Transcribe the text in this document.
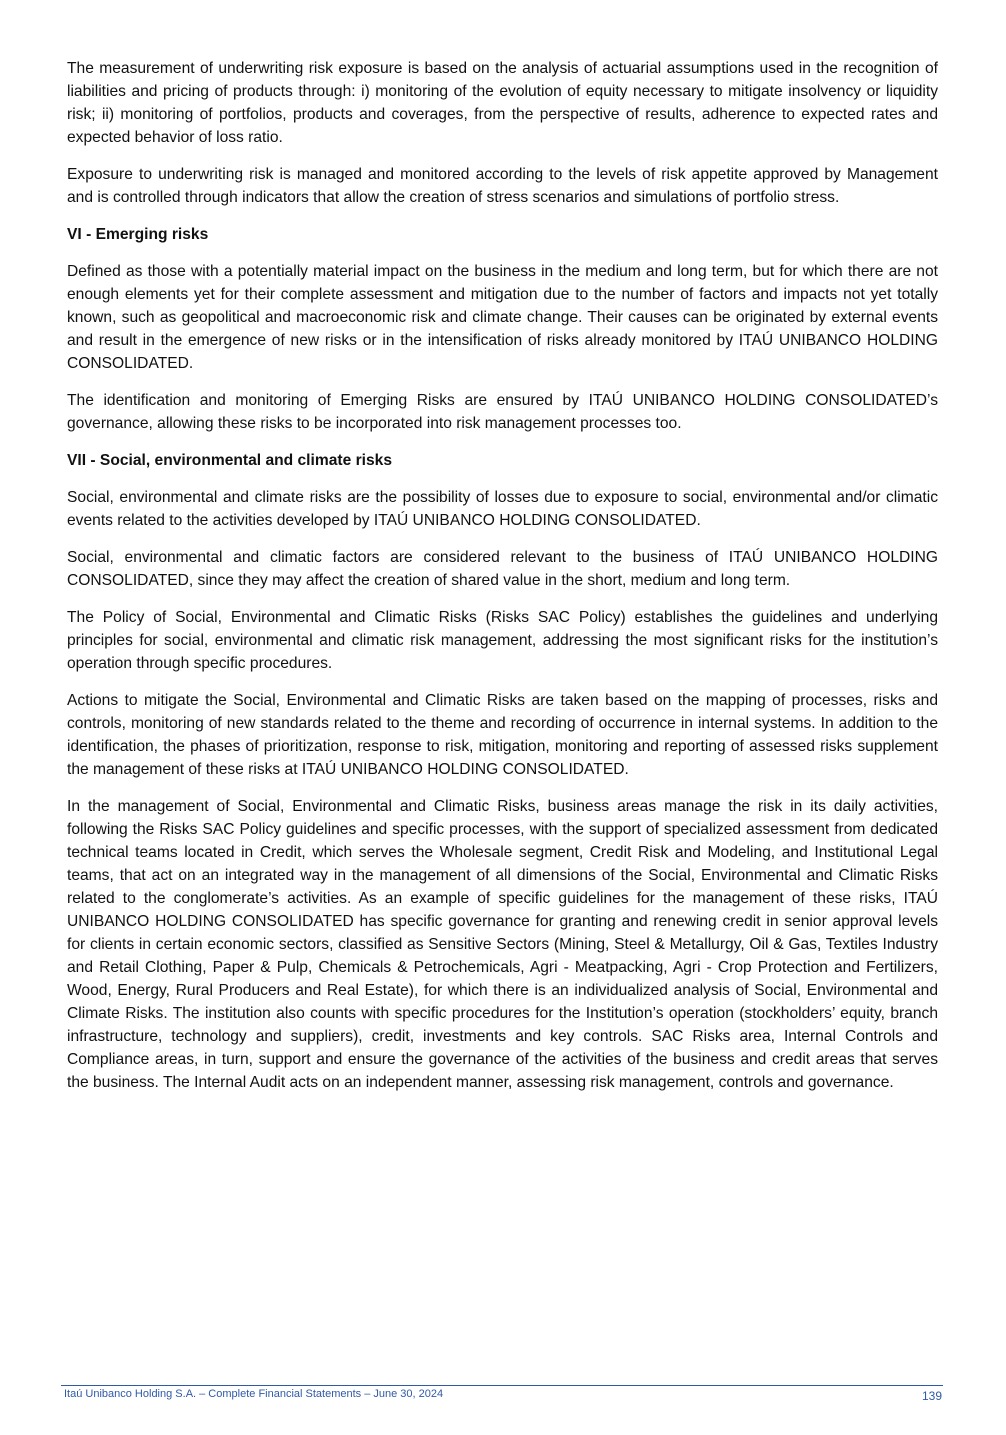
The measurement of underwriting risk exposure is based on the analysis of actuarial assumptions used in the recognition of liabilities and pricing of products through: i) monitoring of the evolution of equity necessary to mitigate insolvency or liquidity risk; ii) monitoring of portfolios, products and coverages, from the perspective of results, adherence to expected rates and expected behavior of loss ratio.

Exposure to underwriting risk is managed and monitored according to the levels of risk appetite approved by Management and is controlled through indicators that allow the creation of stress scenarios and simulations of portfolio stress.

VI - Emerging risks

Defined as those with a potentially material impact on the business in the medium and long term, but for which there are not enough elements yet for their complete assessment and mitigation due to the number of factors and impacts not yet totally known, such as geopolitical and macroeconomic risk and climate change. Their causes can be originated by external events and result in the emergence of new risks or in the intensification of risks already monitored by ITAÚ UNIBANCO HOLDING CONSOLIDATED.

The identification and monitoring of Emerging Risks are ensured by ITAÚ UNIBANCO HOLDING CONSOLIDATED’s governance, allowing these risks to be incorporated into risk management processes too.

VII - Social, environmental and climate risks

Social, environmental and climate risks are the possibility of losses due to exposure to social, environmental and/or climatic events related to the activities developed by ITAÚ UNIBANCO HOLDING CONSOLIDATED.

Social, environmental and climatic factors are considered relevant to the business of ITAÚ UNIBANCO HOLDING CONSOLIDATED, since they may affect the creation of shared value in the short, medium and long term.

The Policy of Social, Environmental and Climatic Risks (Risks SAC Policy) establishes the guidelines and underlying principles for social, environmental and climatic risk management, addressing the most significant risks for the institution’s operation through specific procedures.

Actions to mitigate the Social, Environmental and Climatic Risks are taken based on the mapping of processes, risks and controls, monitoring of new standards related to the theme and recording of occurrence in internal systems. In addition to the identification, the phases of prioritization, response to risk, mitigation, monitoring and reporting of assessed risks supplement the management of these risks at ITAÚ UNIBANCO HOLDING CONSOLIDATED.

In the management of Social, Environmental and Climatic Risks, business areas manage the risk in its daily activities, following the Risks SAC Policy guidelines and specific processes, with the support of specialized assessment from dedicated technical teams located in Credit, which serves the Wholesale segment, Credit Risk and Modeling, and Institutional Legal teams, that act on an integrated way in the management of all dimensions of the Social, Environmental and Climatic Risks related to the conglomerate’s activities. As an example of specific guidelines for the management of these risks, ITAÚ UNIBANCO HOLDING CONSOLIDATED has specific governance for granting and renewing credit in senior approval levels for clients in certain economic sectors, classified as Sensitive Sectors (Mining, Steel & Metallurgy, Oil & Gas, Textiles Industry and Retail Clothing, Paper & Pulp, Chemicals & Petrochemicals, Agri - Meatpacking, Agri - Crop Protection and Fertilizers, Wood, Energy, Rural Producers and Real Estate), for which there is an individualized analysis of Social, Environmental and Climate Risks. The institution also counts with specific procedures for the Institution’s operation (stockholders’ equity, branch infrastructure, technology and suppliers), credit, investments and key controls. SAC Risks area, Internal Controls and Compliance areas, in turn, support and ensure the governance of the activities of the business and credit areas that serves the business. The Internal Audit acts on an independent manner, assessing risk management, controls and governance.

Itaú Unibanco Holding S.A. – Complete Financial Statements – June 30, 2024	139
